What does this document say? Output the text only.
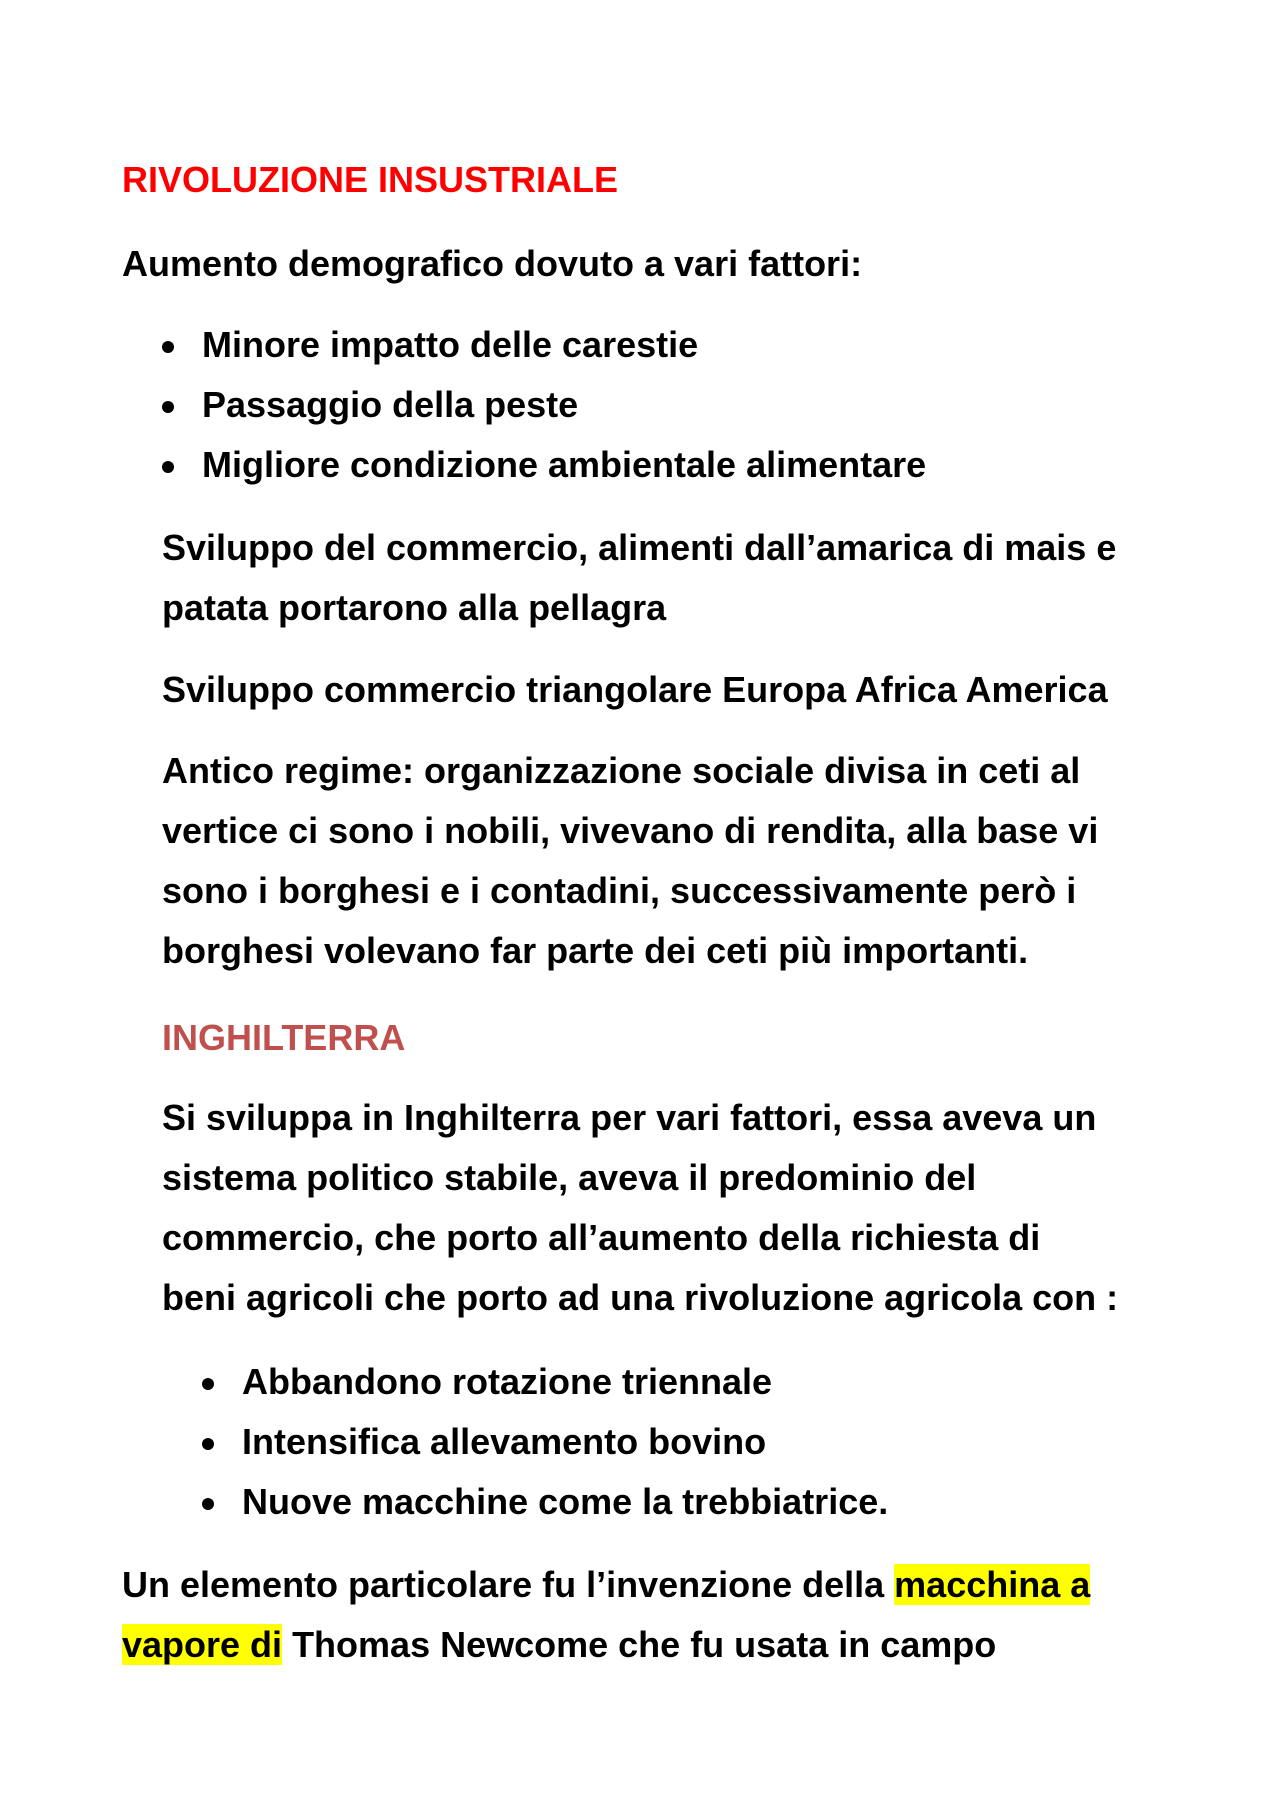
RIVOLUZIONE INSUSTRIALE
Aumento demografico dovuto a vari fattori:
Minore impatto delle carestie
Passaggio della peste
Migliore condizione ambientale alimentare
Sviluppo del commercio, alimenti dall’amarica di mais e
patata portarono alla pellagra
Sviluppo commercio triangolare Europa Africa America
Antico regime: organizzazione sociale divisa in ceti al
vertice ci sono i nobili, vivevano di rendita, alla base vi
sono i borghesi e i contadini, successivamente però i
borghesi volevano far parte dei ceti più importanti.
INGHILTERRA
Si sviluppa in Inghilterra per vari fattori, essa aveva un
sistema politico stabile, aveva il predominio del
commercio, che porto all’aumento della richiesta di
beni agricoli che porto ad una rivoluzione agricola con :
Abbandono rotazione triennale
Intensifica allevamento bovino
Nuove macchine come la trebbiatrice.
Un elemento particolare fu l’invenzione della macchina a
vapore di Thomas Newcome che fu usata in campo
